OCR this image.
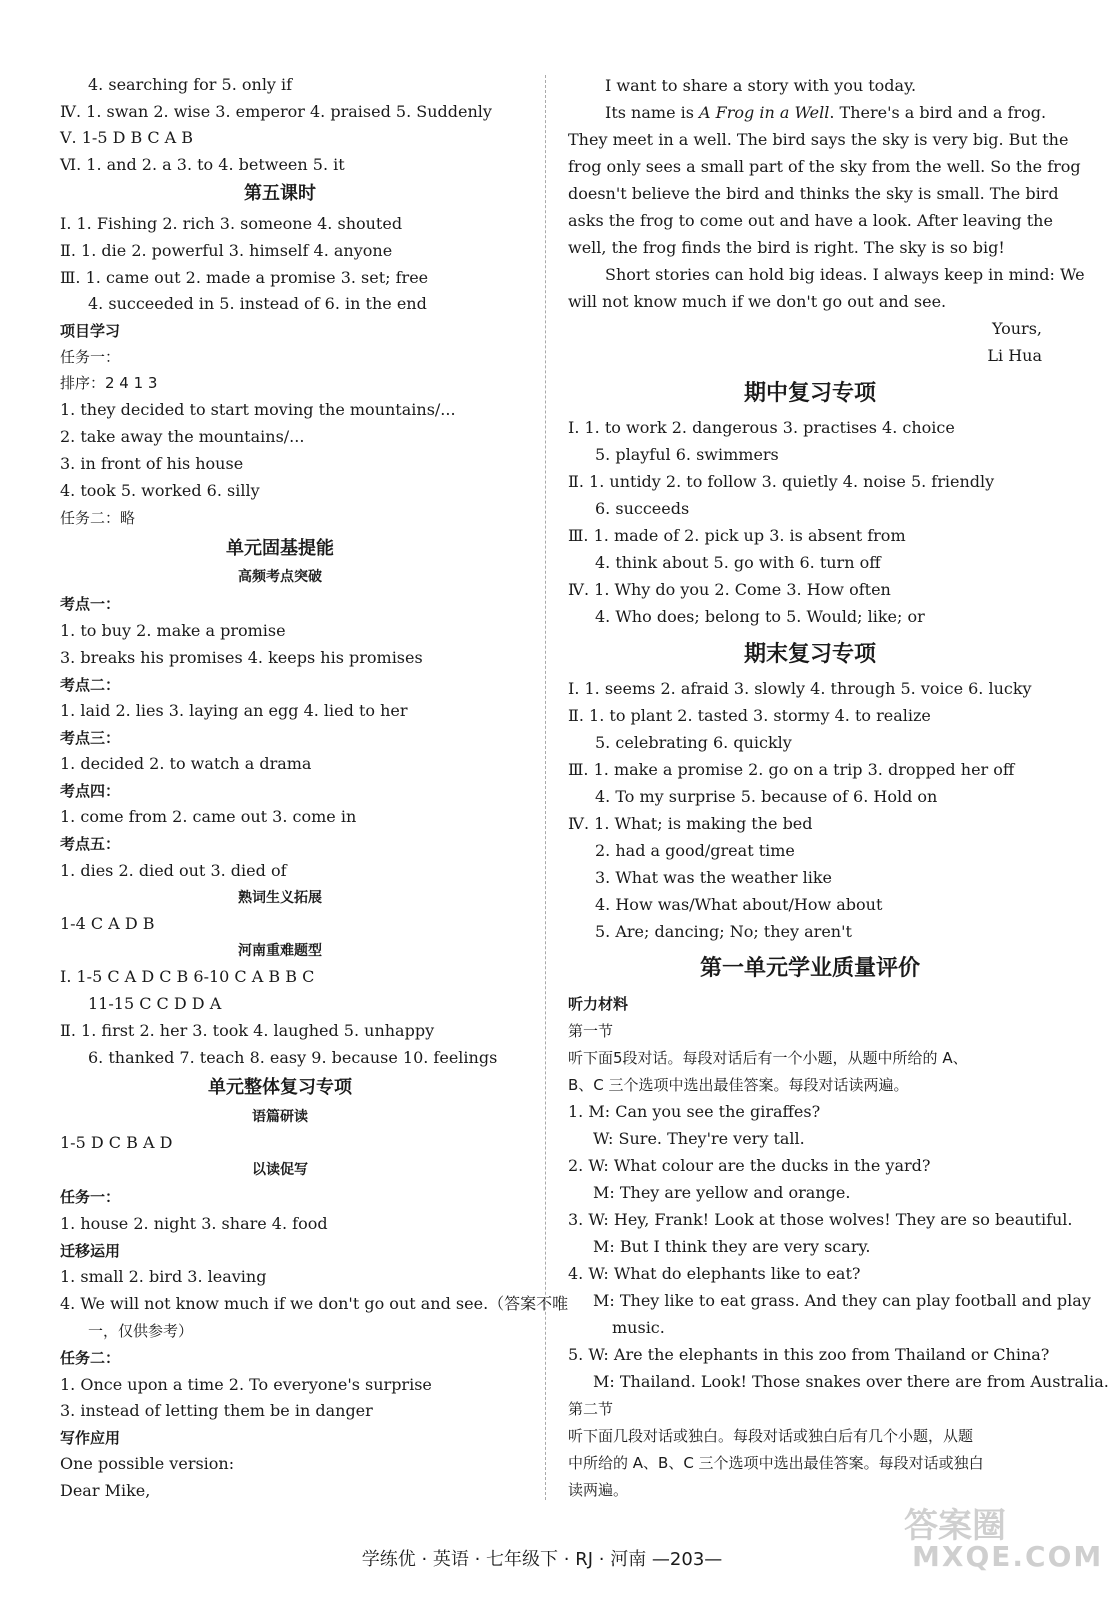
4. searching for 5. only if
Ⅳ. 1. swan 2. wise 3. emperor 4. praised 5. Suddenly
Ⅴ. 1-5 D B C A B
Ⅵ. 1. and 2. a 3. to 4. between 5. it
第五课时
Ⅰ. 1. Fishing 2. rich 3. someone 4. shouted
Ⅱ. 1. die 2. powerful 3. himself 4. anyone
Ⅲ. 1. came out 2. made a promise 3. set; free
4. succeeded in 5. instead of 6. in the end
项目学习
任务一：
排序：2 4 1 3
1. they decided to start moving the mountains/...
2. take away the mountains/...
3. in front of his house
4. took 5. worked 6. silly
任务二：略
单元固基提能
高频考点突破
考点一：
1. to buy 2. make a promise
3. breaks his promises 4. keeps his promises
考点二：
1. laid 2. lies 3. laying an egg 4. lied to her
考点三：
1. decided 2. to watch a drama
考点四：
1. come from 2. came out 3. come in
考点五：
1. dies 2. died out 3. died of
熟词生义拓展
1-4 C A D B
河南重难题型
Ⅰ. 1-5 C A D C B 6-10 C A B B C
11-15 C C D D A
Ⅱ. 1. first 2. her 3. took 4. laughed 5. unhappy
6. thanked 7. teach 8. easy 9. because 10. feelings
单元整体复习专项
语篇研读
1-5 D C B A D
以读促写
任务一：
1. house 2. night 3. share 4. food
迁移运用
1. small 2. bird 3. leaving
4. We will not know much if we don't go out and see.（答案不唯
一，仅供参考）
任务二：
1. Once upon a time 2. To everyone's surprise
3. instead of letting them be in danger
写作应用
One possible version:
Dear Mike,
I want to share a story with you today.
Its name is A Frog in a Well. There's a bird and a frog.
They meet in a well. The bird says the sky is very big. But the
frog only sees a small part of the sky from the well. So the frog
doesn't believe the bird and thinks the sky is small. The bird
asks the frog to come out and have a look. After leaving the
well, the frog finds the bird is right. The sky is so big!
Short stories can hold big ideas. I always keep in mind: We
will not know much if we don't go out and see.
Yours,
Li Hua
期中复习专项
Ⅰ. 1. to work 2. dangerous 3. practises 4. choice
5. playful 6. swimmers
Ⅱ. 1. untidy 2. to follow 3. quietly 4. noise 5. friendly
6. succeeds
Ⅲ. 1. made of 2. pick up 3. is absent from
4. think about 5. go with 6. turn off
Ⅳ. 1. Why do you 2. Come 3. How often
4. Who does; belong to 5. Would; like; or
期末复习专项
Ⅰ. 1. seems 2. afraid 3. slowly 4. through 5. voice 6. lucky
Ⅱ. 1. to plant 2. tasted 3. stormy 4. to realize
5. celebrating 6. quickly
Ⅲ. 1. make a promise 2. go on a trip 3. dropped her off
4. To my surprise 5. because of 6. Hold on
Ⅳ. 1. What; is making the bed
2. had a good/great time
3. What was the weather like
4. How was/What about/How about
5. Are; dancing; No; they aren't
第一单元学业质量评价
听力材料
第一节
听下面5段对话。每段对话后有一个小题，从题中所给的 A、
B、C 三个选项中选出最佳答案。每段对话读两遍。
1. M: Can you see the giraffes?
W: Sure. They're very tall.
2. W: What colour are the ducks in the yard?
M: They are yellow and orange.
3. W: Hey, Frank! Look at those wolves! They are so beautiful.
M: But I think they are very scary.
4. W: What do elephants like to eat?
M: They like to eat grass. And they can play football and play
music.
5. W: Are the elephants in this zoo from Thailand or China?
M: Thailand. Look! Those snakes over there are from Australia.
第二节
听下面几段对话或独白。每段对话或独白后有几个小题，从题
中所给的 A、B、C 三个选项中选出最佳答案。每段对话或独白
读两遍。
学练优 · 英语 · 七年级下 · RJ · 河南 —203—
答案圈
MXQE.COM
